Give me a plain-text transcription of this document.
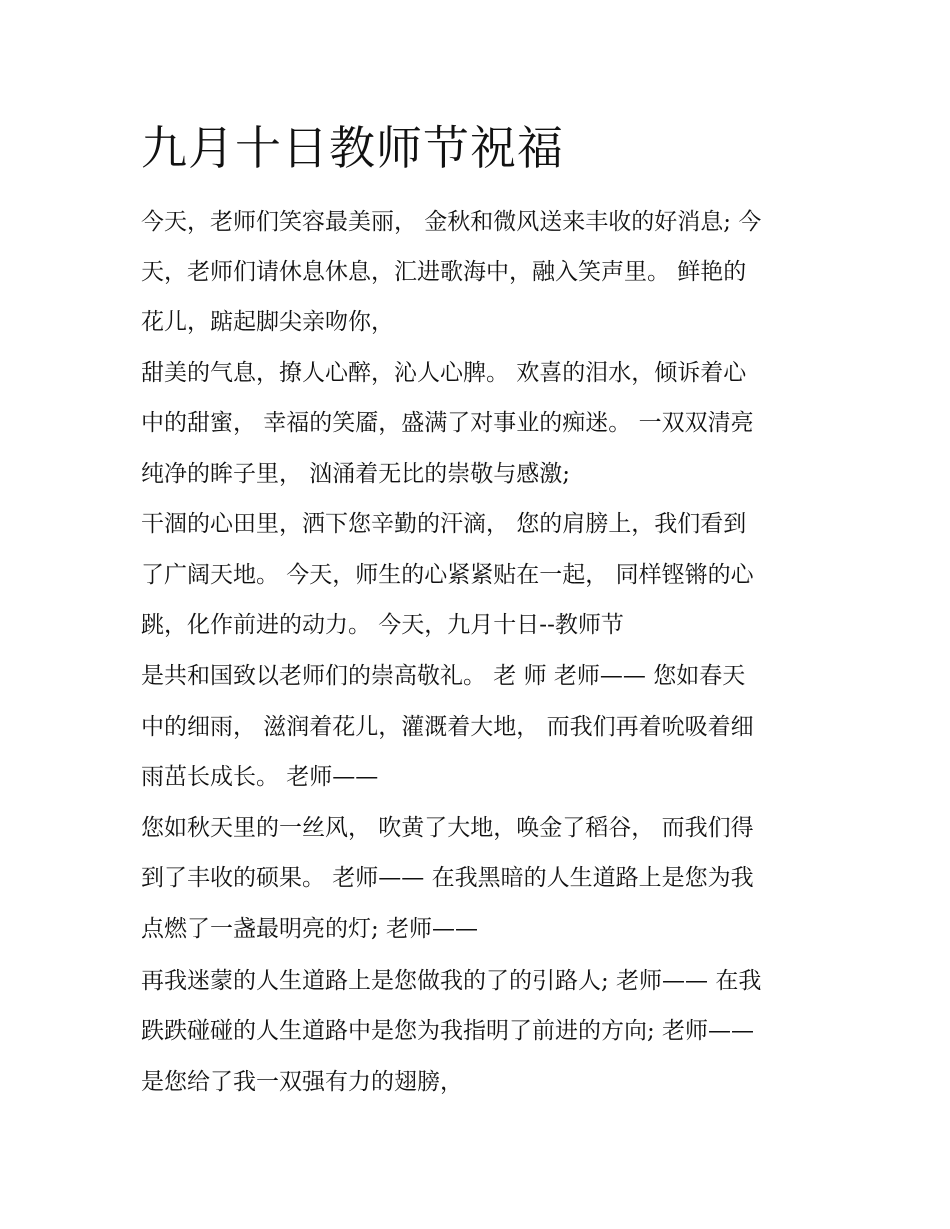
九月十日教师节祝福
今天，老师们笑容最美丽， 金秋和微风送来丰收的好消息; 今
天，老师们请休息休息，汇进歌海中，融入笑声里。 鲜艳的
花儿，踮起脚尖亲吻你，
甜美的气息，撩人心醉，沁人心脾。 欢喜的泪水，倾诉着心
中的甜蜜， 幸福的笑靥，盛满了对事业的痴迷。 一双双清亮
纯净的眸子里， 汹涌着无比的崇敬与感激;
干涸的心田里，洒下您辛勤的汗滴， 您的肩膀上，我们看到
了广阔天地。 今天，师生的心紧紧贴在一起， 同样铿锵的心
跳，化作前进的动力。 今天，九月十日--教师节
是共和国致以老师们的崇高敬礼。 老 师 老师—— 您如春天
中的细雨， 滋润着花儿，灌溉着大地， 而我们再着吮吸着细
雨茁长成长。 老师——
您如秋天里的一丝风， 吹黄了大地，唤金了稻谷， 而我们得
到了丰收的硕果。 老师—— 在我黑暗的人生道路上是您为我
点燃了一盏最明亮的灯; 老师——
再我迷蒙的人生道路上是您做我的了的引路人; 老师—— 在我
跌跌碰碰的人生道路中是您为我指明了前进的方向; 老师——
是您给了我一双强有力的翅膀，
